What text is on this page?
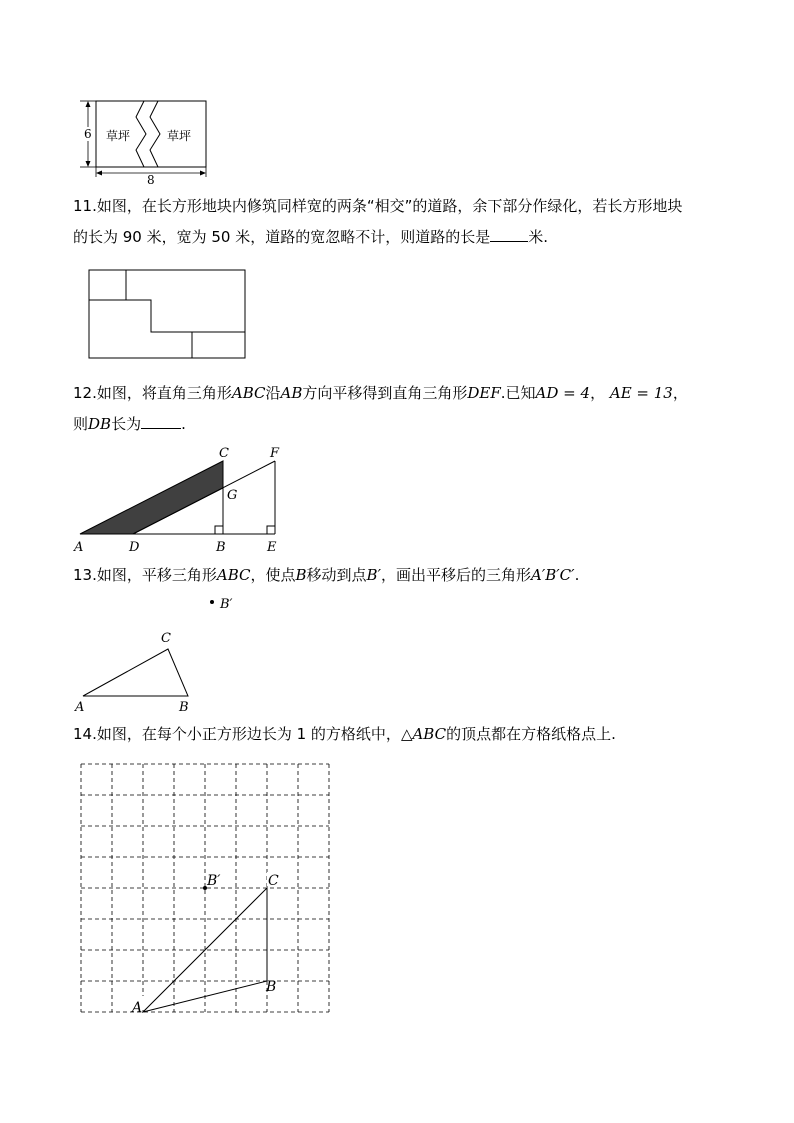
6
8
草坪	草坪
11.如图，在长方形地块内修筑同样宽的两条“相交”的道路，余下部分作绿化，若长方形地块
的长为 90 米，宽为 50 米，道路的宽忽略不计，则道路的长是	米.
12.如图，将直角三角形ABC沿AB方向平移得到直角三角形DEF.已知AD = 4， AE = 13，
则DB长为	.
A	D	B	E
C	F
G
13.如图，平移三角形ABC，使点B移动到点B′，画出平移后的三角形A′B′C′.
B′
A	B
C
14.如图，在每个小正方形边长为 1 的方格纸中，△ABC的顶点都在方格纸格点上.
A
B
C
B′
